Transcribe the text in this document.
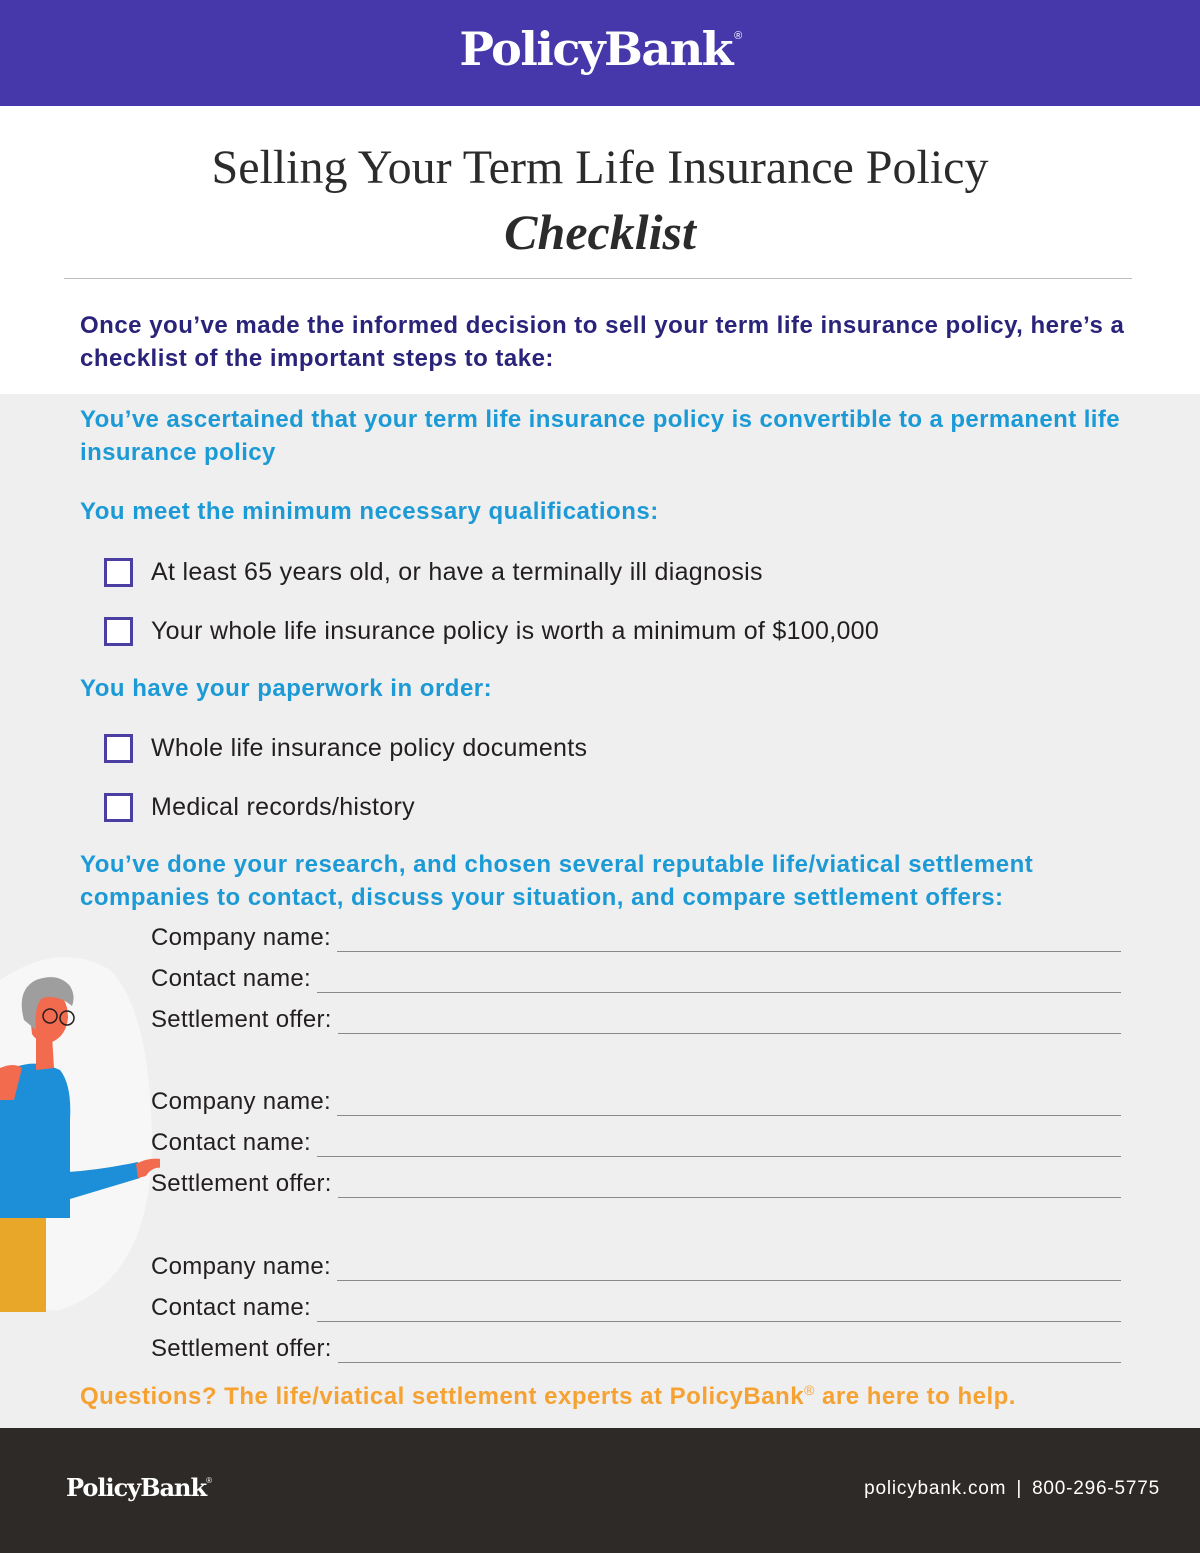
PolicyBank ®
Selling Your Term Life Insurance Policy
Checklist
Once you’ve made the informed decision to sell your term life insurance policy, here’s a checklist of the important steps to take:
You’ve ascertained that your term life insurance policy is convertible to a permanent life insurance policy
You meet the minimum necessary qualifications:
At least 65 years old, or have a terminally ill diagnosis
Your whole life insurance policy is worth a minimum of $100,000
You have your paperwork in order:
Whole life insurance policy documents
Medical records/history
You’ve done your research, and chosen several reputable life/viatical settlement companies to contact, discuss your situation, and compare settlement offers:
Company name:
Contact name:
Settlement offer:
Company name:
Contact name:
Settlement offer:
Company name:
Contact name:
Settlement offer:
Questions? The life/viatical settlement experts at PolicyBank® are here to help.
PolicyBank®	policybank.com | 800-296-5775
